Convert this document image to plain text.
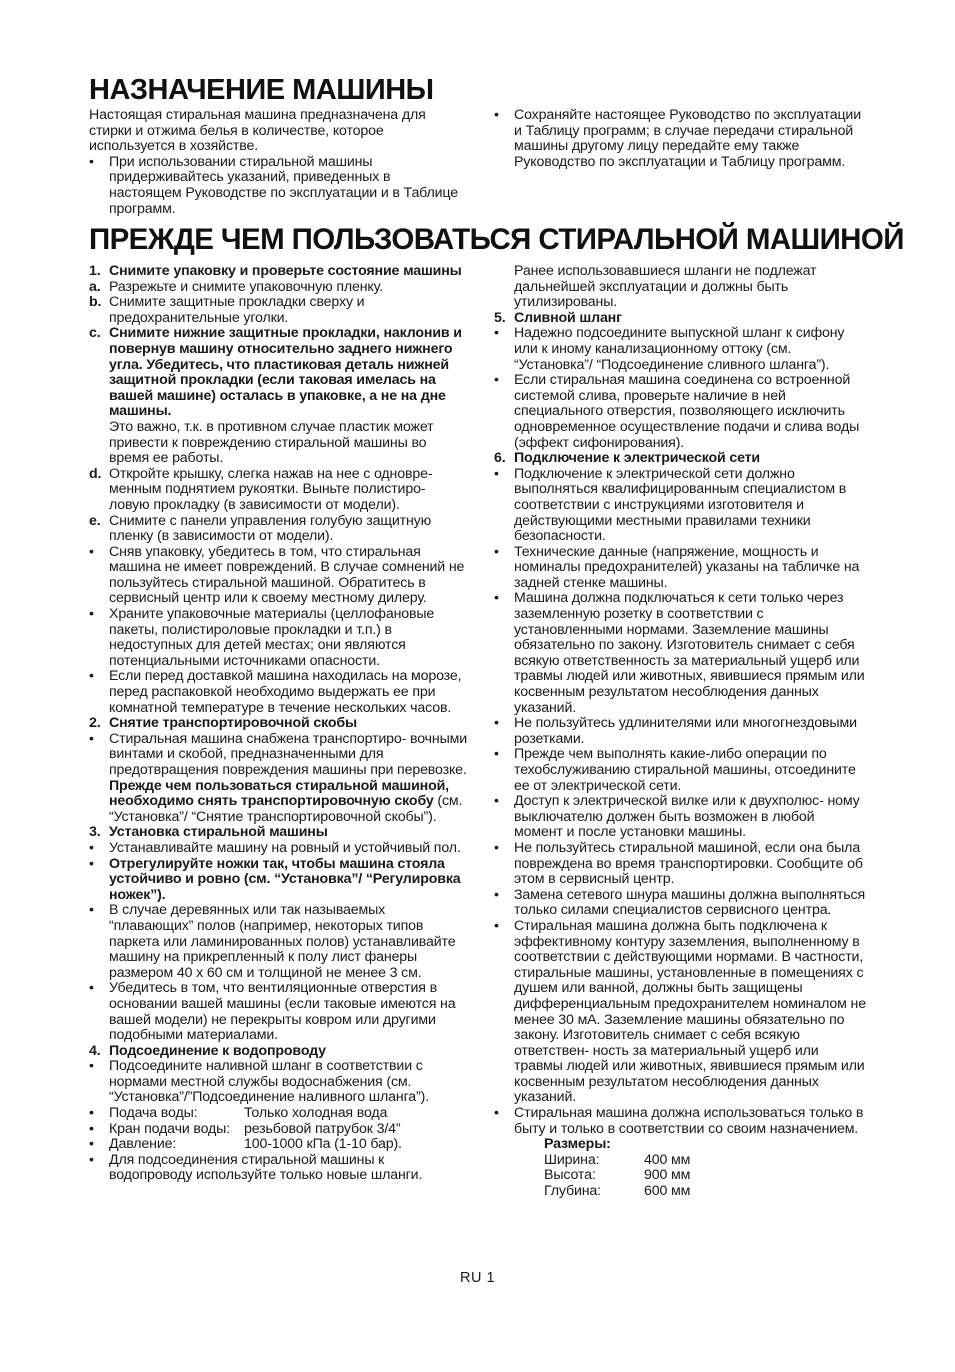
НАЗНАЧЕНИЕ МАШИНЫ
Настоящая стиральная машина предназначена для стирки и отжима белья в количестве, которое используется в хозяйстве.
•	При использовании стиральной машины придерживайтесь указаний, приведенных в настоящем Руководстве по эксплуатации и в Таблице программ.
•	Сохраняйте настоящее Руководство по эксплуатации и Таблицу программ; в случае передачи стиральной машины другому лицу передайте ему также Руководство по эксплуатации и Таблицу программ.
ПРЕЖДЕ ЧЕМ ПОЛЬЗОВАТЬСЯ СТИРАЛЬНОЙ МАШИНОЙ
1. Снимите упаковку и проверьте состояние машины
a. Разрежьте и снимите упаковочную пленку.
b. Снимите защитные прокладки сверху и предохранительные уголки.
c. Снимите нижние защитные прокладки, наклонив и повернув машину относительно заднего нижнего угла. Убедитесь, что пластиковая деталь нижней защитной прокладки (если таковая имелась на вашей машине) осталась в упаковке, а не на дне машины.
Это важно, т.к. в противном случае пластик может привести к повреждению стиральной машины во время ее работы.
d. Откройте крышку, слегка нажав на нее с одновре- менным поднятием рукоятки. Выньте полистиро- ловую прокладку (в зависимости от модели).
e. Снимите с панели управления голубую защитную пленку (в зависимости от модели).
•	Сняв упаковку, убедитесь в том, что стиральная машина не имеет повреждений. В случае сомнений не пользуйтесь стиральной машиной. Обратитесь в сервисный центр или к своему местному дилеру.
•	Храните упаковочные материалы (целлофановые пакеты, полистироловые прокладки и т.п.) в недоступных для детей местах; они являются потенциальными источниками опасности.
•	Если перед доставкой машина находилась на морозе, перед распаковкой необходимо выдержать ее при комнатной температуре в течение нескольких часов.
2. Снятие транспортировочной скобы
•	Стиральная машина снабжена транспортиро- вочными винтами и скобой, предназначенными для предотвращения повреждения машины при перевозке. Прежде чем пользоваться стиральной машиной, необходимо снять транспортировочную скобу (см. “Установка”/ “Снятие транспортировочной скобы”).
3. Установка стиральной машины
•	Устанавливайте машину на ровный и устойчивый пол.
•	Отрегулируйте ножки так, чтобы машина стояла устойчиво и ровно (см. “Установка”/ “Регулировка ножек”).
•	В случае деревянных или так называемых “плавающих” полов (например, некоторых типов паркета или ламинированных полов) устанавливайте машину на прикрепленный к полу лист фанеры размером 40 x 60 см и толщиной не менее 3 см.
•	Убедитесь в том, что вентиляционные отверстия в основании вашей машины (если таковые имеются на вашей модели) не перекрыты ковром или другими подобными материалами.
4. Подсоединение к водопроводу
•	Подсоедините наливной шланг в соответствии с нормами местной службы водоснабжения (см. “Установка”/”Подсоединение наливного шланга”).
•	Подача воды:	Только холодная вода
•	Кран подачи воды: резьбовой патрубок 3/4”
•	Давление:	100-1000 кПа (1-10 бар).
•	Для подсоединения стиральной машины к водопроводу используйте только новые шланги.
Ранее использовавшиеся шланги не подлежат дальнейшей эксплуатации и должны быть утилизированы.
5. Сливной шланг
•	Надежно подсоедините выпускной шланг к сифону или к иному канализационному оттоку (см. “Установка”/ “Подсоединение сливного шланга”).
•	Если стиральная машина соединена со встроенной системой слива, проверьте наличие в ней специального отверстия, позволяющего исключить одновременное осуществление подачи и слива воды (эффект сифонирования).
6. Подключение к электрической сети
•	Подключение к электрической сети должно выполняться квалифицированным специалистом в соответствии с инструкциями изготовителя и действующими местными правилами техники безопасности.
•	Технические данные (напряжение, мощность и номиналы предохранителей) указаны на табличке на задней стенке машины.
•	Машина должна подключаться к сети только через заземленную розетку в соответствии с установленными нормами. Заземление машины обязательно по закону. Изготовитель снимает с себя всякую ответственность за материальный ущерб или травмы людей или животных, явившиеся прямым или косвенным результатом несоблюдения данных указаний.
•	Не пользуйтесь удлинителями или многогнездовыми розетками.
•	Прежде чем выполнять какие-либо операции по техобслуживанию стиральной машины, отсоедините ее от электрической сети.
•	Доступ к электрической вилке или к двухполюс- ному выключателю должен быть возможен в любой момент и после установки машины.
•	Не пользуйтесь стиральной машиной, если она была повреждена во время транспортировки. Сообщите об этом в сервисный центр.
•	Замена сетевого шнура машины должна выполняться только силами специалистов сервисного центра.
•	Стиральная машина должна быть подключена к эффективному контуру заземления, выполненному в соответствии с действующими нормами. В частности, стиральные машины, установленные в помещениях с душем или ванной, должны быть защищены дифференциальным предохранителем номиналом не менее 30 мА. Заземление машины обязательно по закону. Изготовитель снимает с себя всякую ответствен- ность за материальный ущерб или травмы людей или животных, явившиеся прямым или косвенным результатом несоблюдения данных указаний.
•	Стиральная машина должна использоваться только в быту и только в соответствии со своим назначением.
Размеры:
Ширина:	400 мм
Высота:	900 мм
Глубина:	600 мм
RU 1
